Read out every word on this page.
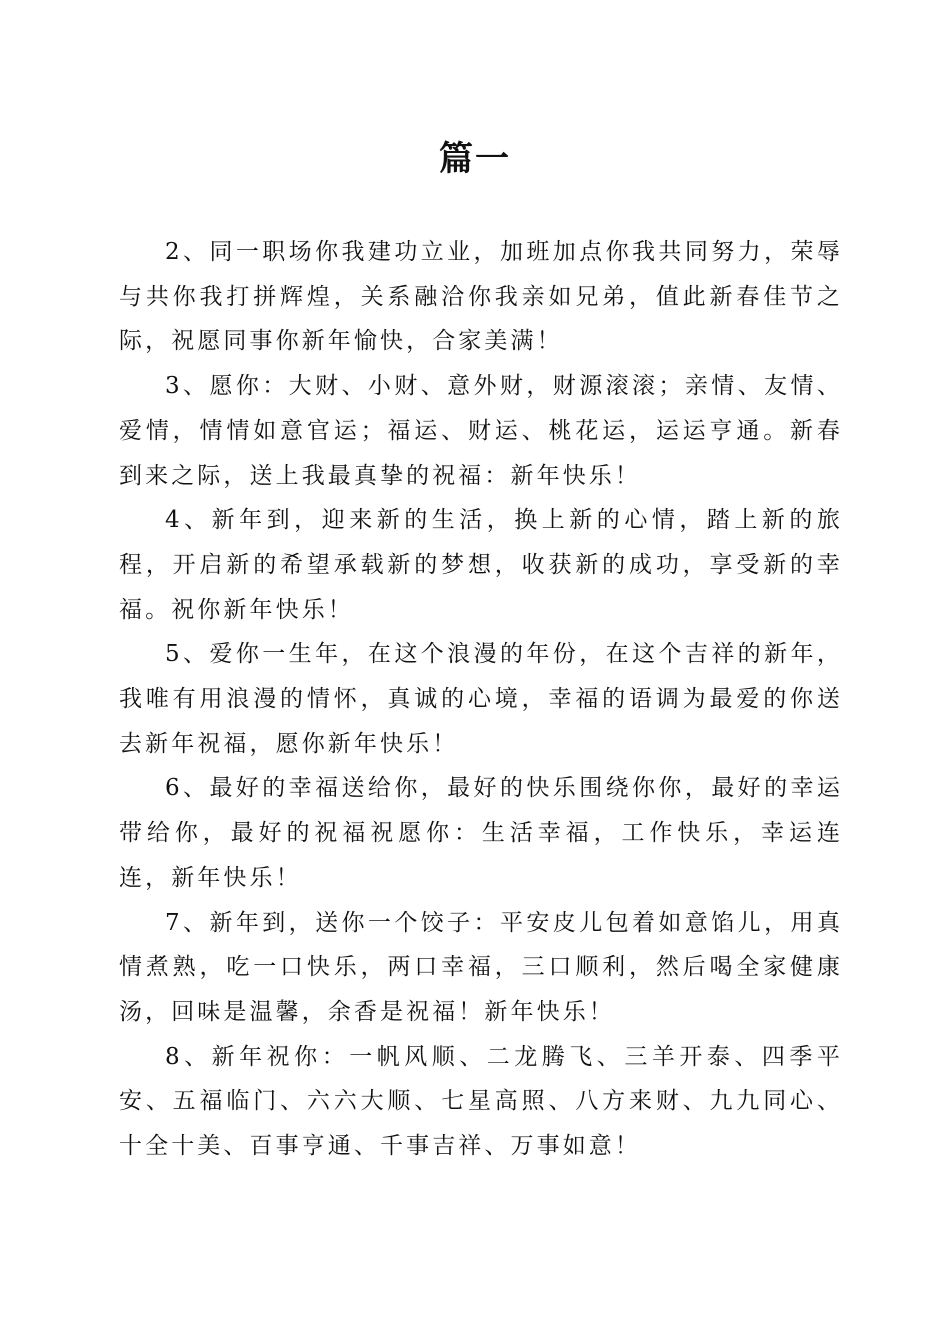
篇一

2、同一职场你我建功立业，加班加点你我共同努力，荣辱与共你我打拼辉煌，关系融洽你我亲如兄弟，值此新春佳节之际，祝愿同事你新年愉快，合家美满！

3、愿你：大财、小财、意外财，财源滚滚；亲情、友情、爱情，情情如意官运；福运、财运、桃花运，运运亨通。新春到来之际，送上我最真挚的祝福：新年快乐！

4、新年到，迎来新的生活，换上新的心情，踏上新的旅程，开启新的希望承载新的梦想，收获新的成功，享受新的幸福。祝你新年快乐！

5、爱你一生年，在这个浪漫的年份，在这个吉祥的新年，我唯有用浪漫的情怀，真诚的心境，幸福的语调为最爱的你送去新年祝福，愿你新年快乐！

6、最好的幸福送给你，最好的快乐围绕你你，最好的幸运带给你，最好的祝福祝愿你：生活幸福，工作快乐，幸运连连，新年快乐！

7、新年到，送你一个饺子：平安皮儿包着如意馅儿，用真情煮熟，吃一口快乐，两口幸福，三口顺利，然后喝全家健康汤，回味是温馨，余香是祝福！新年快乐！

8、新年祝你：一帆风顺、二龙腾飞、三羊开泰、四季平安、五福临门、六六大顺、七星高照、八方来财、九九同心、十全十美、百事亨通、千事吉祥、万事如意！
